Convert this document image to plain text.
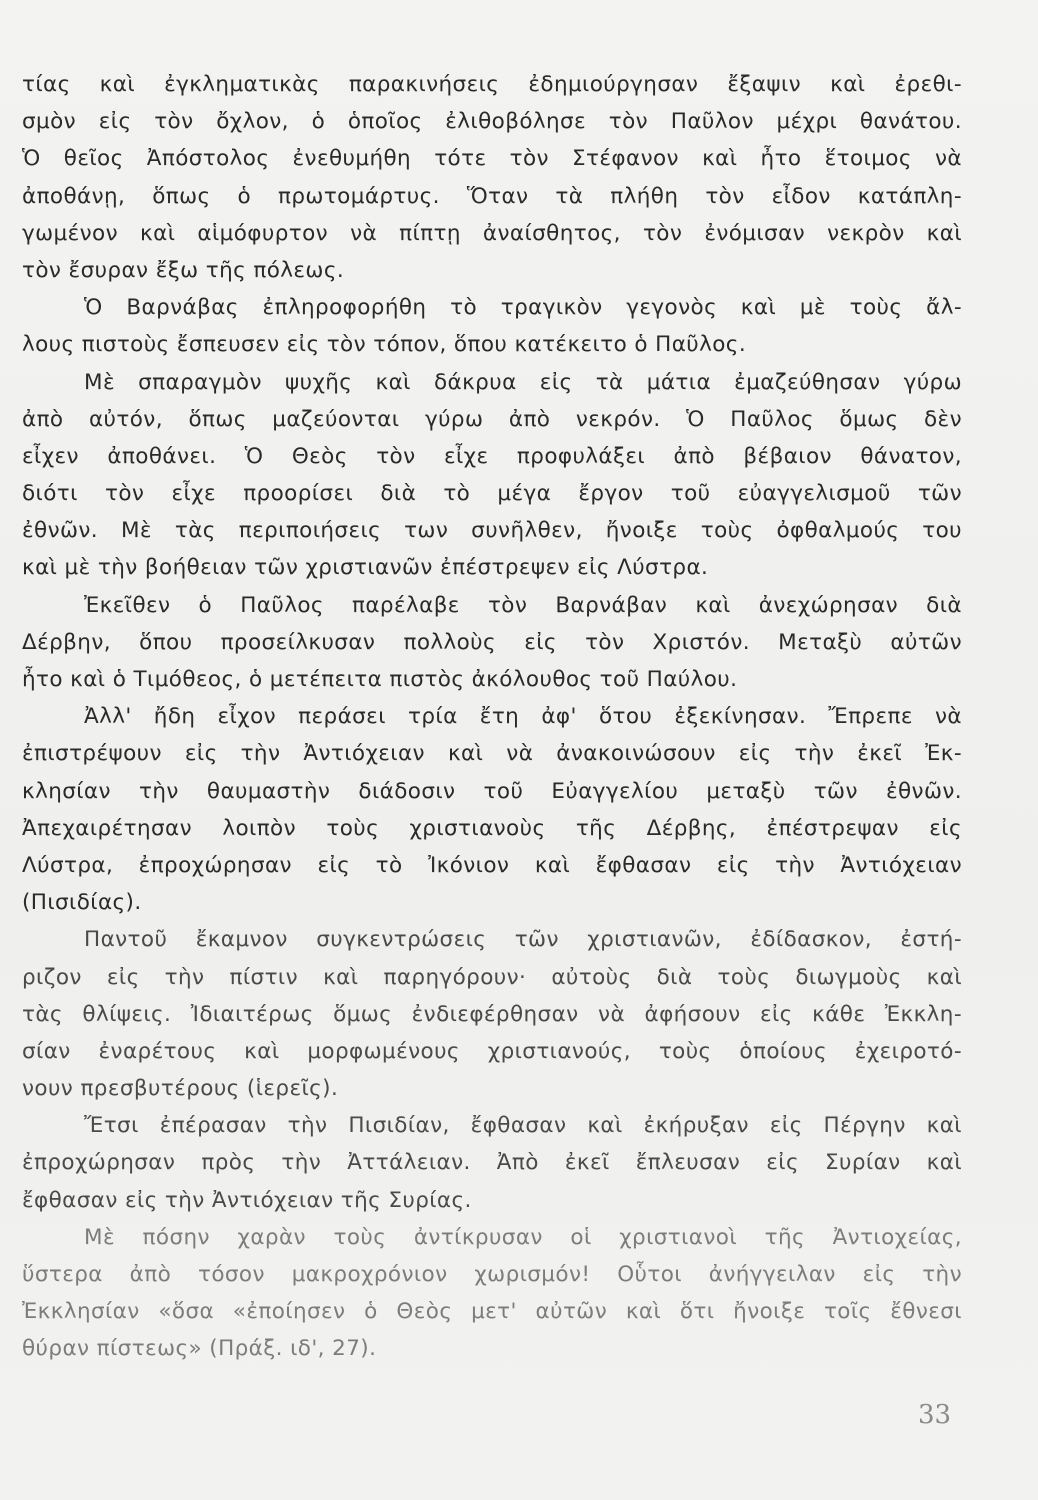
τίας καὶ ἐγκληματικὰς παρακινήσεις ἐδημιούργησαν ἔξαψιν καὶ ἐρεθι-
σμὸν εἰς τὸν ὄχλον, ὁ ὁποῖος ἐλιθοβόλησε τὸν Παῦλον μέχρι θανάτου.
Ὁ θεῖος Ἀπόστολος ἐνεθυμήθη τότε τὸν Στέφανον καὶ ἦτο ἕτοιμος νὰ
ἀποθάνῃ, ὅπως ὁ πρωτομάρτυς. Ὅταν τὰ πλήθη τὸν εἶδον κατάπλη-
γωμένον καὶ αἱμόφυρτον νὰ πίπτῃ ἀναίσθητος, τὸν ἐνόμισαν νεκρὸν καὶ
τὸν ἔσυραν ἔξω τῆς πόλεως.
Ὁ Βαρνάβας ἐπληροφορήθη τὸ τραγικὸν γεγονὸς καὶ μὲ τοὺς ἄλ-
λους πιστοὺς ἔσπευσεν εἰς τὸν τόπον, ὅπου κατέκειτο ὁ Παῦλος.
Μὲ σπαραγμὸν ψυχῆς καὶ δάκρυα εἰς τὰ μάτια ἐμαζεύθησαν γύρω
ἀπὸ αὐτόν, ὅπως μαζεύονται γύρω ἀπὸ νεκρόν. Ὁ Παῦλος ὅμως δὲν
εἶχεν ἀποθάνει. Ὁ Θεὸς τὸν εἶχε προφυλάξει ἀπὸ βέβαιον θάνατον,
διότι τὸν εἶχε προορίσει διὰ τὸ μέγα ἔργον τοῦ εὐαγγελισμοῦ τῶν
ἐθνῶν. Μὲ τὰς περιποιήσεις των συνῆλθεν, ἤνοιξε τοὺς ὀφθαλμούς του
καὶ μὲ τὴν βοήθειαν τῶν χριστιανῶν ἐπέστρεψεν εἰς Λύστρα.
Ἐκεῖθεν ὁ Παῦλος παρέλαβε τὸν Βαρνάβαν καὶ ἀνεχώρησαν διὰ
Δέρβην, ὅπου προσείλκυσαν πολλοὺς εἰς τὸν Χριστόν. Μεταξὺ αὐτῶν
ἦτο καὶ ὁ Τιμόθεος, ὁ μετέπειτα πιστὸς ἀκόλουθος τοῦ Παύλου.
Ἀλλ' ἤδη εἶχον περάσει τρία ἔτη ἀφ' ὅτου ἐξεκίνησαν. Ἔπρεπε νὰ
ἐπιστρέψουν εἰς τὴν Ἀντιόχειαν καὶ νὰ ἀνακοινώσουν εἰς τὴν ἐκεῖ Ἐκ-
κλησίαν τὴν θαυμαστὴν διάδοσιν τοῦ Εὐαγγελίου μεταξὺ τῶν ἐθνῶν.
Ἀπεχαιρέτησαν λοιπὸν τοὺς χριστιανοὺς τῆς Δέρβης, ἐπέστρεψαν εἰς
Λύστρα, ἐπροχώρησαν εἰς τὸ Ἰκόνιον καὶ ἔφθασαν εἰς τὴν Ἀντιόχειαν
(Πισιδίας).
Παντοῦ ἔκαμνον συγκεντρώσεις τῶν χριστιανῶν, ἐδίδασκον, ἐστή-
ριζον εἰς τὴν πίστιν καὶ παρηγόρουν· αὐτοὺς διὰ τοὺς διωγμοὺς καὶ
τὰς θλίψεις. Ἰδιαιτέρως ὅμως ἐνδιεφέρθησαν νὰ ἀφήσουν εἰς κάθε Ἐκκλη-
σίαν ἐναρέτους καὶ μορφωμένους χριστιανούς, τοὺς ὁποίους ἐχειροτό-
νουν πρεσβυτέρους (ἱερεῖς).
Ἔτσι ἐπέρασαν τὴν Πισιδίαν, ἔφθασαν καὶ ἐκήρυξαν εἰς Πέργην καὶ
ἐπροχώρησαν πρὸς τὴν Ἀττάλειαν. Ἀπὸ ἐκεῖ ἔπλευσαν εἰς Συρίαν καὶ
ἔφθασαν εἰς τὴν Ἀντιόχειαν τῆς Συρίας.
Μὲ πόσην χαρὰν τοὺς ἀντίκρυσαν οἱ χριστιανοὶ τῆς Ἀντιοχείας,
ὕστερα ἀπὸ τόσον μακροχρόνιον χωρισμόν! Οὗτοι ἀνήγγειλαν εἰς τὴν
Ἐκκλησίαν «ὅσα «ἐποίησεν ὁ Θεὸς μετ' αὐτῶν καὶ ὅτι ἤνοιξε τοῖς ἔθνεσι
θύραν πίστεως» (Πράξ. ιδ', 27).
33
